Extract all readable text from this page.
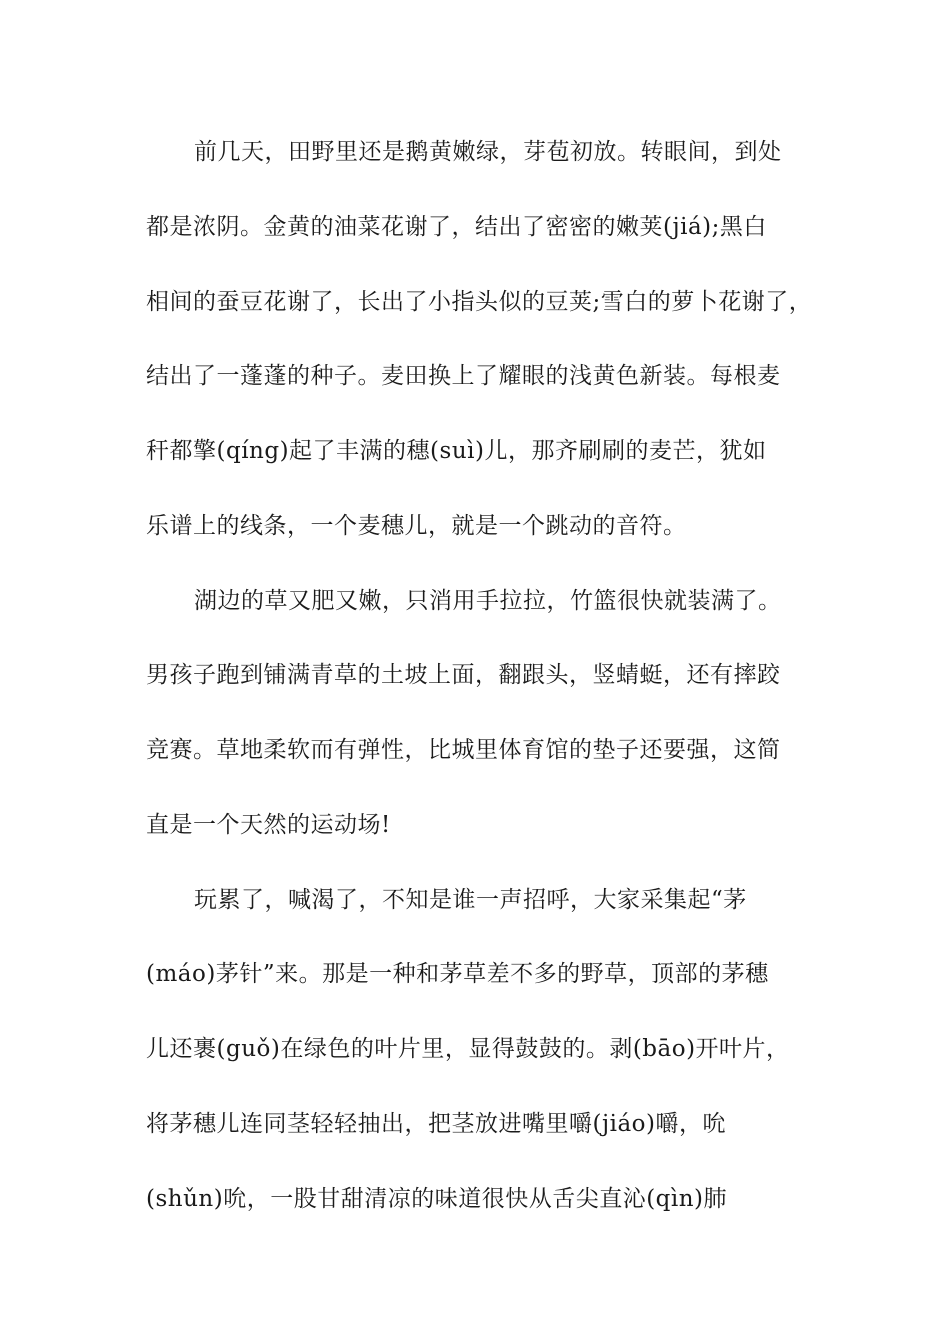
前几天，田野里还是鹅黄嫩绿，芽苞初放。转眼间，到处
都是浓阴。金黄的油菜花谢了，结出了密密的嫩荚(jiá);黑白
相间的蚕豆花谢了，长出了小指头似的豆荚;雪白的萝卜花谢了，
结出了一蓬蓬的种子。麦田换上了耀眼的浅黄色新装。每根麦
秆都擎(qíng)起了丰满的穗(suì)儿，那齐刷刷的麦芒，犹如
乐谱上的线条，一个麦穗儿，就是一个跳动的音符。
湖边的草又肥又嫩，只消用手拉拉，竹篮很快就装满了。
男孩子跑到铺满青草的土坡上面，翻跟头，竖蜻蜓，还有摔跤
竞赛。草地柔软而有弹性，比城里体育馆的垫子还要强，这简
直是一个天然的运动场!
玩累了，喊渴了，不知是谁一声招呼，大家采集起“茅
(máo)茅针”来。那是一种和茅草差不多的野草，顶部的茅穗
儿还裹(guǒ)在绿色的叶片里，显得鼓鼓的。剥(bāo)开叶片，
将茅穗儿连同茎轻轻抽出，把茎放进嘴里嚼(jiáo)嚼，吮
(shǔn)吮，一股甘甜清凉的味道很快从舌尖直沁(qìn)肺
